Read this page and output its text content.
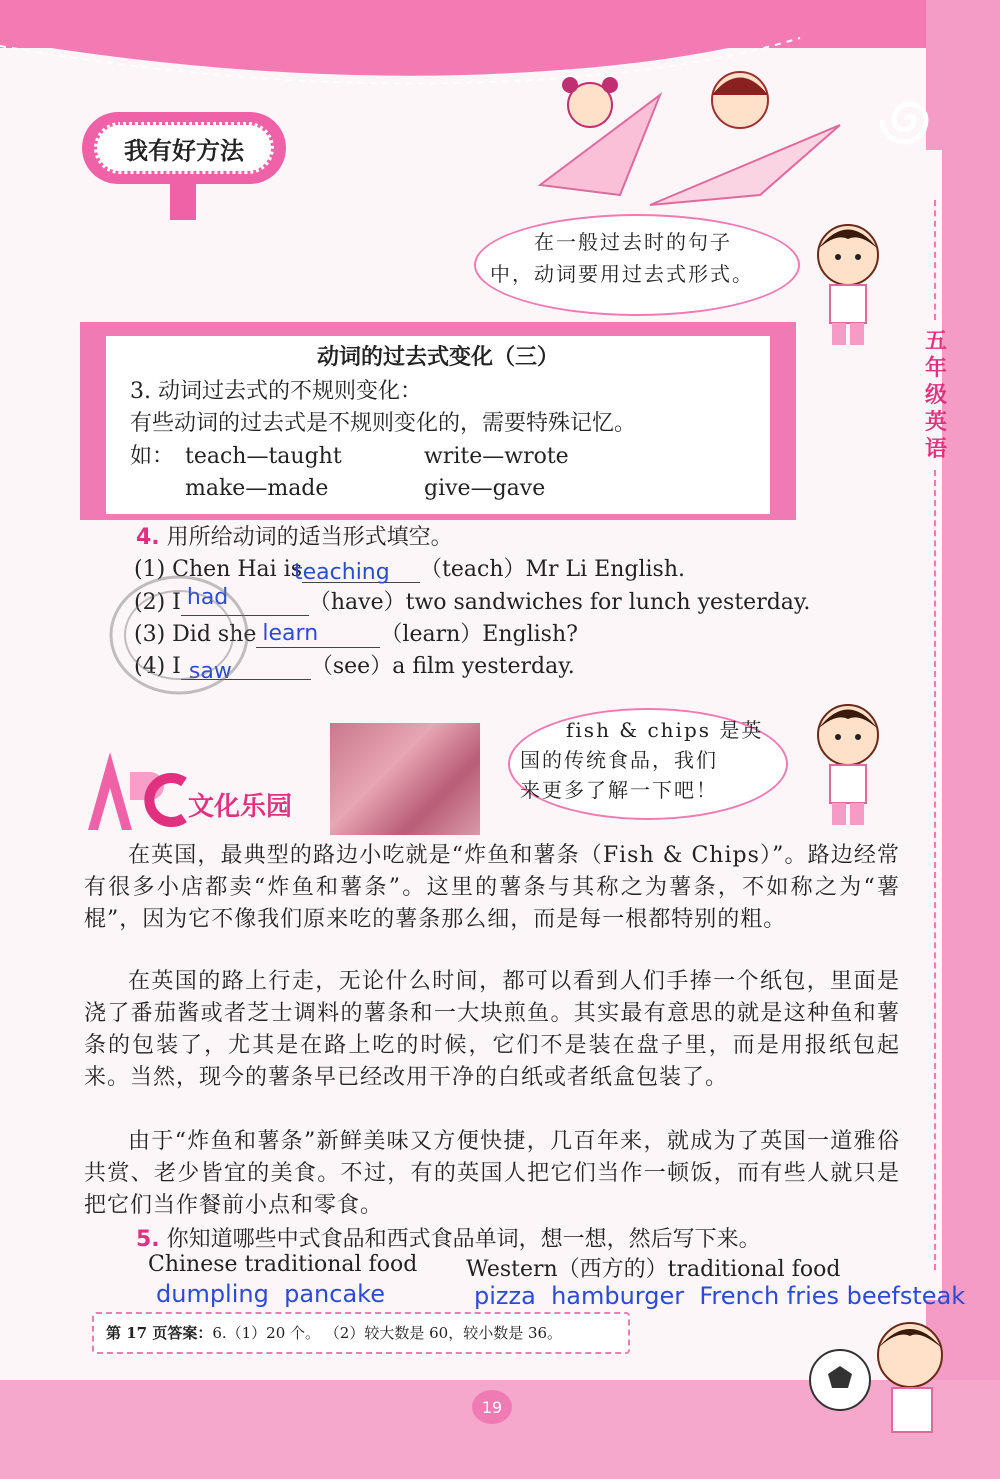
五年级英语
我有好方法
在一般过去时的句子
中，动词要用过去式形式。
动词的过去式变化（三）
3. 动词过去式的不规则变化：
有些动词的过去式是不规则变化的，需要特殊记忆。
如： teach—taught	write—wrote
make—made	give—gave
4. 用所给动词的适当形式填空。
(1) Chen Hai is
teaching （teach）Mr Li English.
(2) I had	（have）two sandwiches for lunch yesterday.
(3) Did she learn	（learn）English?
(4) I saw	（see）a film yesterday.
文化乐园
fish & chips 是英
国的传统食品，我们
来更多了解一下吧！
在英国，最典型的路边小吃就是“炸鱼和薯条（Fish & Chips）”。路边经常有很多小店都卖“炸鱼和薯条”。这里的薯条与其称之为薯条，不如称之为“薯棍”，因为它不像我们原来吃的薯条那么细，而是每一根都特别的粗。
在英国的路上行走，无论什么时间，都可以看到人们手捧一个纸包，里面是浇了番茄酱或者芝士调料的薯条和一大块煎鱼。其实最有意思的就是这种鱼和薯条的包装了，尤其是在路上吃的时候，它们不是装在盘子里，而是用报纸包起来。当然，现今的薯条早已经改用干净的白纸或者纸盒包装了。
由于“炸鱼和薯条”新鲜美味又方便快捷，几百年来，就成为了英国一道雅俗共赏、老少皆宜的美食。不过，有的英国人把它们当作一顿饭，而有些人就只是把它们当作餐前小点和零食。
5. 你知道哪些中式食品和西式食品单词，想一想，然后写下来。
Chinese traditional food Western（西方的）traditional food
dumpling  pancake	pizza  hamburger  French fries beefsteak
第 17 页答案：6.（1）20 个。 （2）较大数是 60，较小数是 36。
19
